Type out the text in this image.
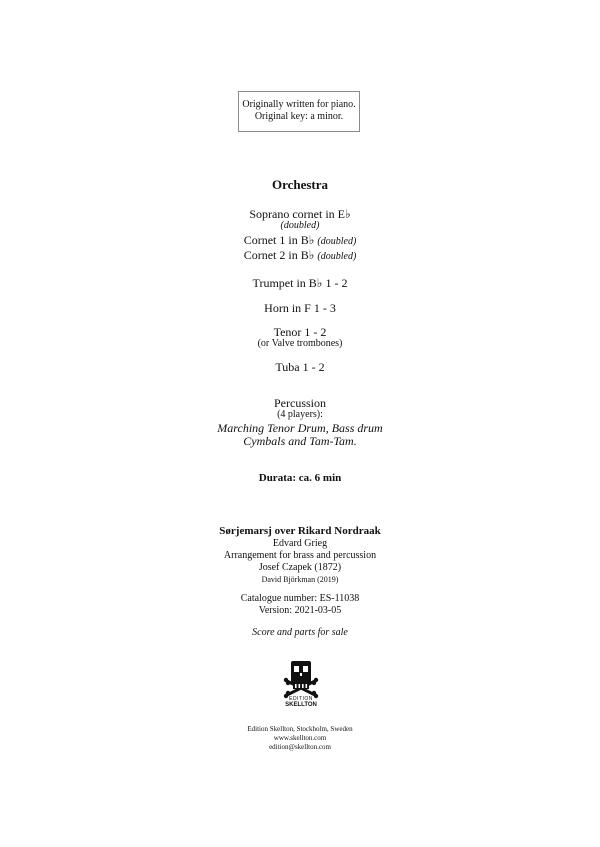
Originally written for piano.
Original key: a minor.
Orchestra
Soprano cornet in E♭
(doubled)
Cornet 1 in B♭ (doubled)
Cornet 2 in B♭ (doubled)
Trumpet in B♭ 1 - 2
Horn in F 1 - 3
Tenor 1 - 2
(or Valve trombones)
Tuba 1 - 2
Percussion
(4 players):
Marching Tenor Drum, Bass drum
Cymbals and Tam-Tam.
Durata: ca. 6 min
Sørjemarsj over Rikard Nordraak
Edvard Grieg
Arrangement for brass and percussion
Josef Czapek (1872)
David Björkman (2019)
Catalogue number: ES-11038
Version: 2021-03-05
Score and parts for sale
EDITION
SKELLTON
Edition Skellton, Stockholm, Sweden
www.skellton.com
edition@skellton.com
